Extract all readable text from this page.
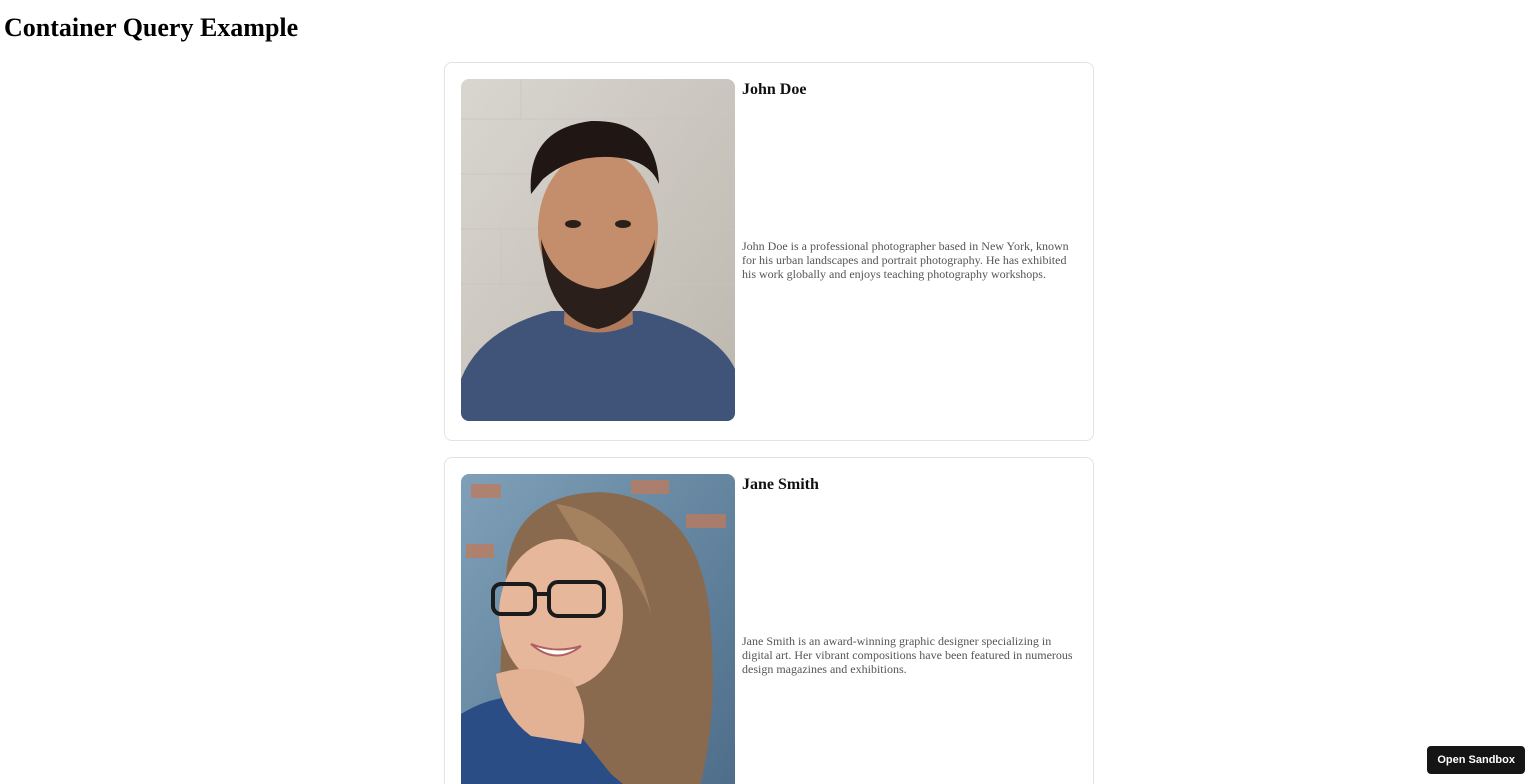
Container Query Example
John Doe

John Doe is a professional photographer based in New York, known for his urban landscapes and portrait photography. He has exhibited his work globally and enjoys teaching photography workshops.

Jane Smith

Jane Smith is an award-winning graphic designer specializing in digital art. Her vibrant compositions have been featured in numerous design magazines and exhibitions.

Open Sandbox
